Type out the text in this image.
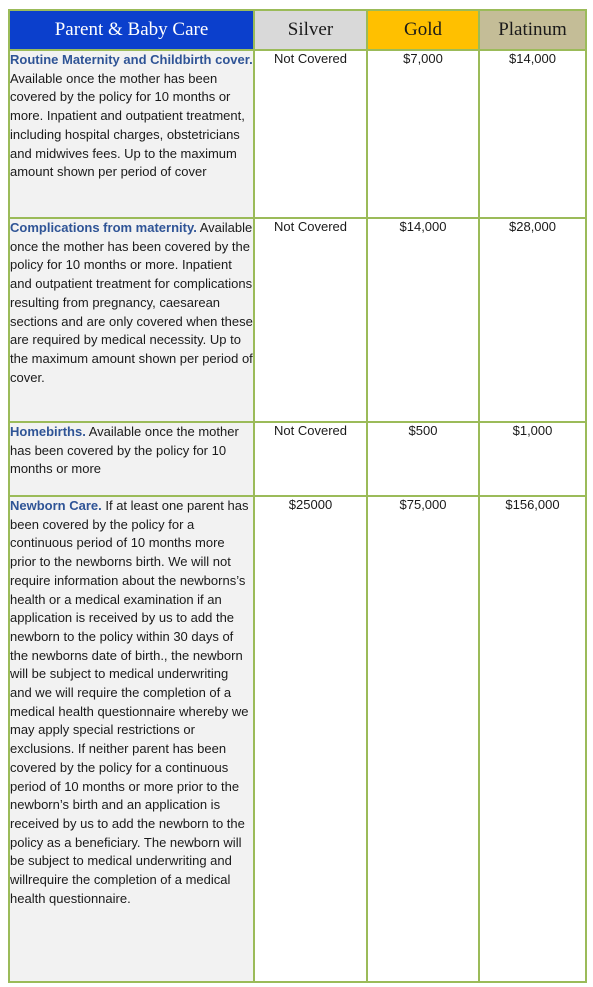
Parent & Baby Care	Silver	Gold	Platinum
Routine Maternity and Childbirth cover. Available once the mother has been covered by the policy for 10 months or more. Inpatient and outpatient treatment, including hospital charges, obstetricians and midwives fees. Up to the maximum amount shown per period of cover	Not Covered	$7,000	$14,000
Complications from maternity. Available once the mother has been covered by the policy for 10 months or more. Inpatient and outpatient treatment for complications resulting from pregnancy, caesarean sections and are only covered when these are required by medical necessity. Up to the maximum amount shown per period of cover.	Not Covered	$14,000	$28,000
Homebirths. Available once the mother has been covered by the policy for 10 months or more	Not Covered	$500	$1,000
Newborn Care. If at least one parent has been covered by the policy for a continuous period of 10 months more prior to the newborns birth. We will not require information about the newborns’s health or a medical examination if an application is received by us to add the newborn to the policy within 30 days of the newborns date of birth., the newborn will be subject to medical underwriting and we will require the completion of a medical health questionnaire whereby we may apply special restrictions or exclusions. If neither parent has been covered by the policy for a continuous period of 10 months or more prior to the newborn’s birth and an application is received by us to add the newborn to the policy as a beneficiary. The newborn will be subject to medical underwriting and willrequire the completion of a medical health questionnaire.	$25000	$75,000	$156,000
